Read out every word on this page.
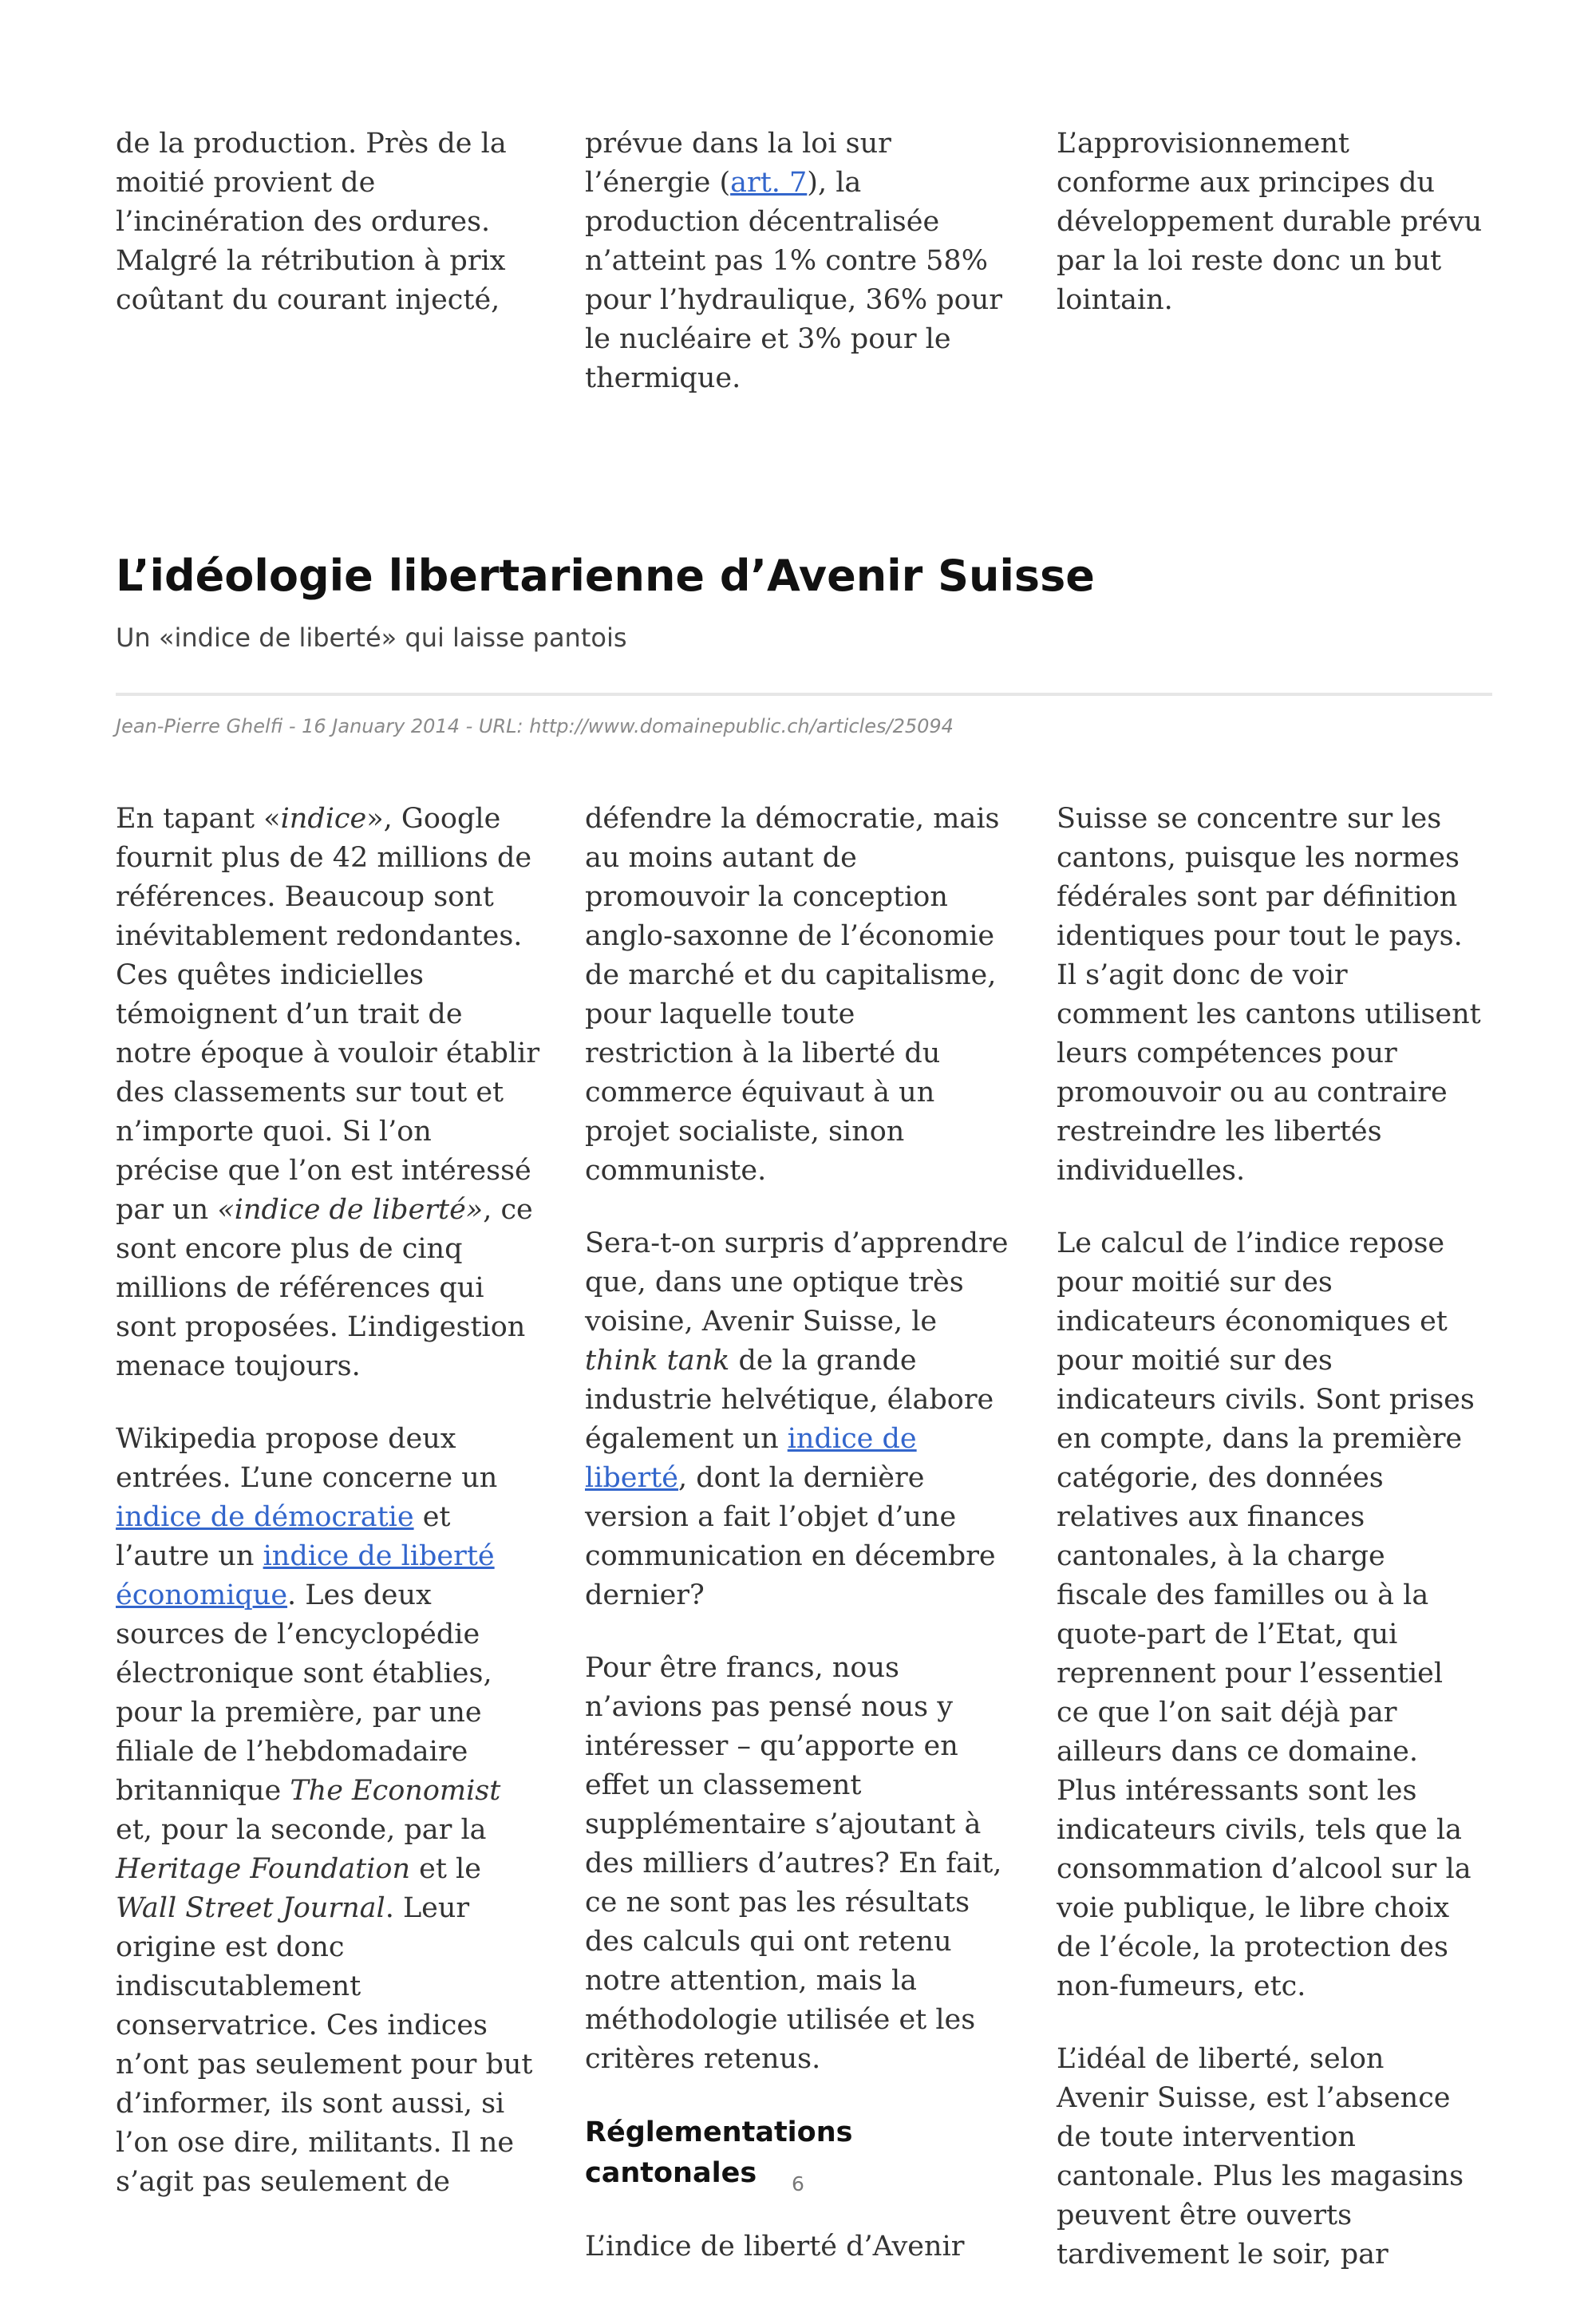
de la production. Près de la moitié provient de l’incinération des ordures. Malgré la rétribution à prix coûtant du courant injecté,

prévue dans la loi sur l’énergie (art. 7), la production décentralisée n’atteint pas 1% contre 58% pour l’hydraulique, 36% pour le nucléaire et 3% pour le thermique.

L’approvisionnement conforme aux principes du développement durable prévu par la loi reste donc un but lointain.

L’idéologie libertarienne d’Avenir Suisse
Un «indice de liberté» qui laisse pantois
Jean-Pierre Ghelfi - 16 January 2014 - URL: http://www.domainepublic.ch/articles/25094

En tapant «indice», Google fournit plus de 42 millions de références. Beaucoup sont inévitablement redondantes. Ces quêtes indicielles témoignent d’un trait de notre époque à vouloir établir des classements sur tout et n’importe quoi. Si l’on précise que l’on est intéressé par un «indice de liberté», ce sont encore plus de cinq millions de références qui sont proposées. L’indigestion menace toujours.

Wikipedia propose deux entrées. L’une concerne un indice de démocratie et l’autre un indice de liberté économique. Les deux sources de l’encyclopédie électronique sont établies, pour la première, par une filiale de l’hebdomadaire britannique The Economist et, pour la seconde, par la Heritage Foundation et le Wall Street Journal. Leur origine est donc indiscutablement conservatrice. Ces indices n’ont pas seulement pour but d’informer, ils sont aussi, si l’on ose dire, militants. Il ne s’agit pas seulement de

défendre la démocratie, mais au moins autant de promouvoir la conception anglo-saxonne de l’économie de marché et du capitalisme, pour laquelle toute restriction à la liberté du commerce équivaut à un projet socialiste, sinon communiste.

Sera-t-on surpris d’apprendre que, dans une optique très voisine, Avenir Suisse, le think tank de la grande industrie helvétique, élabore également un indice de liberté, dont la dernière version a fait l’objet d’une communication en décembre dernier?

Pour être francs, nous n’avions pas pensé nous y intéresser – qu’apporte en effet un classement supplémentaire s’ajoutant à des milliers d’autres? En fait, ce ne sont pas les résultats des calculs qui ont retenu notre attention, mais la méthodologie utilisée et les critères retenus.

Réglementations cantonales

L’indice de liberté d’Avenir

Suisse se concentre sur les cantons, puisque les normes fédérales sont par définition identiques pour tout le pays. Il s’agit donc de voir comment les cantons utilisent leurs compétences pour promouvoir ou au contraire restreindre les libertés individuelles.

Le calcul de l’indice repose pour moitié sur des indicateurs économiques et pour moitié sur des indicateurs civils. Sont prises en compte, dans la première catégorie, des données relatives aux finances cantonales, à la charge fiscale des familles ou à la quote-part de l’Etat, qui reprennent pour l’essentiel ce que l’on sait déjà par ailleurs dans ce domaine. Plus intéressants sont les indicateurs civils, tels que la consommation d’alcool sur la voie publique, le libre choix de l’école, la protection des non-fumeurs, etc.

L’idéal de liberté, selon Avenir Suisse, est l’absence de toute intervention cantonale. Plus les magasins peuvent être ouverts tardivement le soir, par

6
